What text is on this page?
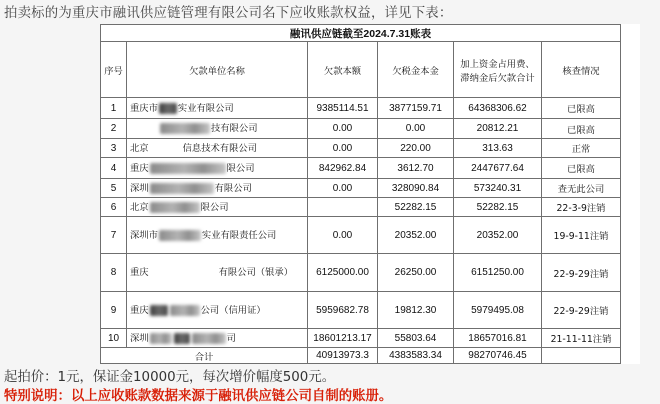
拍卖标的为重庆市融讯供应链管理有限公司名下应收账款权益，详见下表：
融讯供应链截至2024.7.31账表					
序号	欠款单位名称	欠款本额	欠税金本金	加上资金占用费、滞纳金后欠款合计	核查情况
1	重庆市 实业有限公司	9385114.51	3877159.71	64368306.62	已限高
2	技有限公司	0.00	0.00	20812.21	已限高
3	北京 信息技术有限公司	0.00	220.00	313.63	正常
4	重庆 限公司	842962.84	3612.70	2447677.64	已限高
5	深圳 有限公司	0.00	328090.84	573240.31	查无此公司
6	北京 限公司		52282.15	52282.15	22-3-9注销
7	深圳市 实业有限责任公司	0.00	20352.00	20352.00	19-9-11注销
8	重庆 有限公司（银承）	6125000.00	26250.00	6151250.00	22-9-29注销
9	重庆 公司（信用证）	5959682.78	19812.30	5979495.08	22-9-29注销
10	深圳 司	18601213.17	55803.64	18657016.81	21-11-11注销
合计		40913973.3	4383583.34	98270746.45	
起拍价：1元，保证金10000元，每次增价幅度500元。
特别说明：以上应收账款数据来源于融讯供应链公司自制的账册。
